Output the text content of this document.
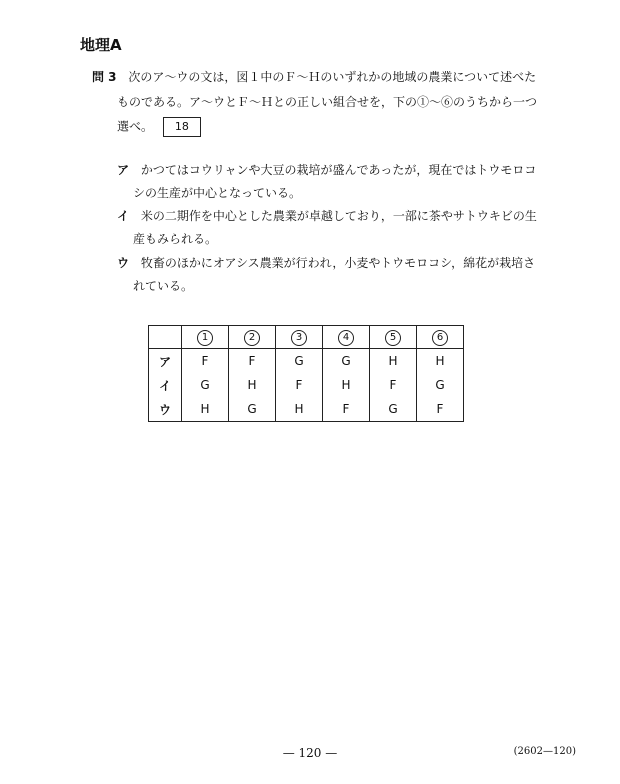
地理A
問 3 次のア～ウの文は，図１中のＦ～Ｈのいずれかの地域の農業について述べた
ものである。ア～ウとＦ～Ｈとの正しい組合せを，下の①～⑥のうちから一つ
選べ。 18
ア かつてはコウリャンや大豆の栽培が盛んであったが，現在ではトウモロコ
シの生産が中心となっている。
イ 米の二期作を中心とした農業が卓越しており，一部に茶やサトウキビの生
産もみられる。
ウ 牧畜のほかにオアシス農業が行われ，小麦やトウモロコシ，綿花が栽培さ
れている。
	1	2	3	4	5	6
ア	F	F	G	G	H	H
イ	G	H	F	H	F	G
ウ	H	G	H	F	G	F
— 120 —	(2602—120)
